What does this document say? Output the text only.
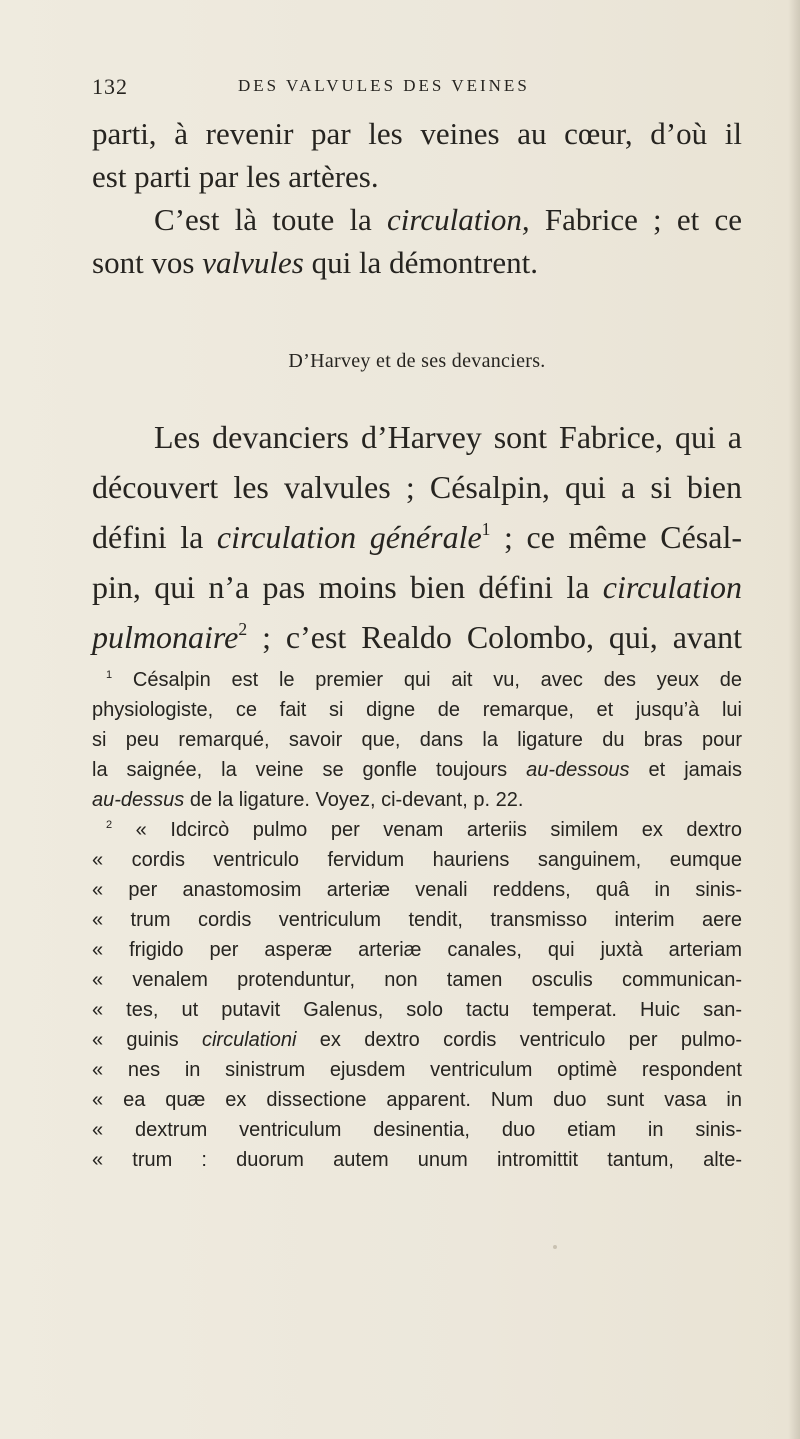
132	DES VALVULES DES VEINES
parti, à revenir par les veines au cœur, d’où il
est parti par les artères.
C’est là toute la circulation, Fabrice ; et ce
sont vos valvules qui la démontrent.
D’Harvey et de ses devanciers.
Les devanciers d’Harvey sont Fabrice, qui a
découvert les valvules ; Césalpin, qui a si bien
défini la circulation générale$^1$ ; ce même Césal-
pin, qui n’a pas moins bien défini la circulation
pulmonaire$^2$ ; c’est Realdo Colombo, qui, avant
$^1$ Césalpin est le premier qui ait vu, avec des yeux de
physiologiste, ce fait si digne de remarque, et jusqu’à lui
si peu remarqué, savoir que, dans la ligature du bras pour
la saignée, la veine se gonfle toujours au-dessous et jamais
au-dessus de la ligature. Voyez, ci-devant, p. 22.
$^2$ « Idcircò pulmo per venam arteriis similem ex dextro
« cordis ventriculo fervidum hauriens sanguinem, eumque
« per anastomosim arteriæ venali reddens, quâ in sinis-
« trum cordis ventriculum tendit, transmisso interim aere
« frigido per asperæ arteriæ canales, qui juxtà arteriam
« venalem protenduntur, non tamen osculis communican-
« tes, ut putavit Galenus, solo tactu temperat. Huic san-
« guinis circulationi ex dextro cordis ventriculo per pulmo-
« nes in sinistrum ejusdem ventriculum optimè respondent
« ea quæ ex dissectione apparent. Num duo sunt vasa in
« dextrum ventriculum desinentia, duo etiam in sinis-
« trum : duorum autem unum intromittit tantum, alte-
